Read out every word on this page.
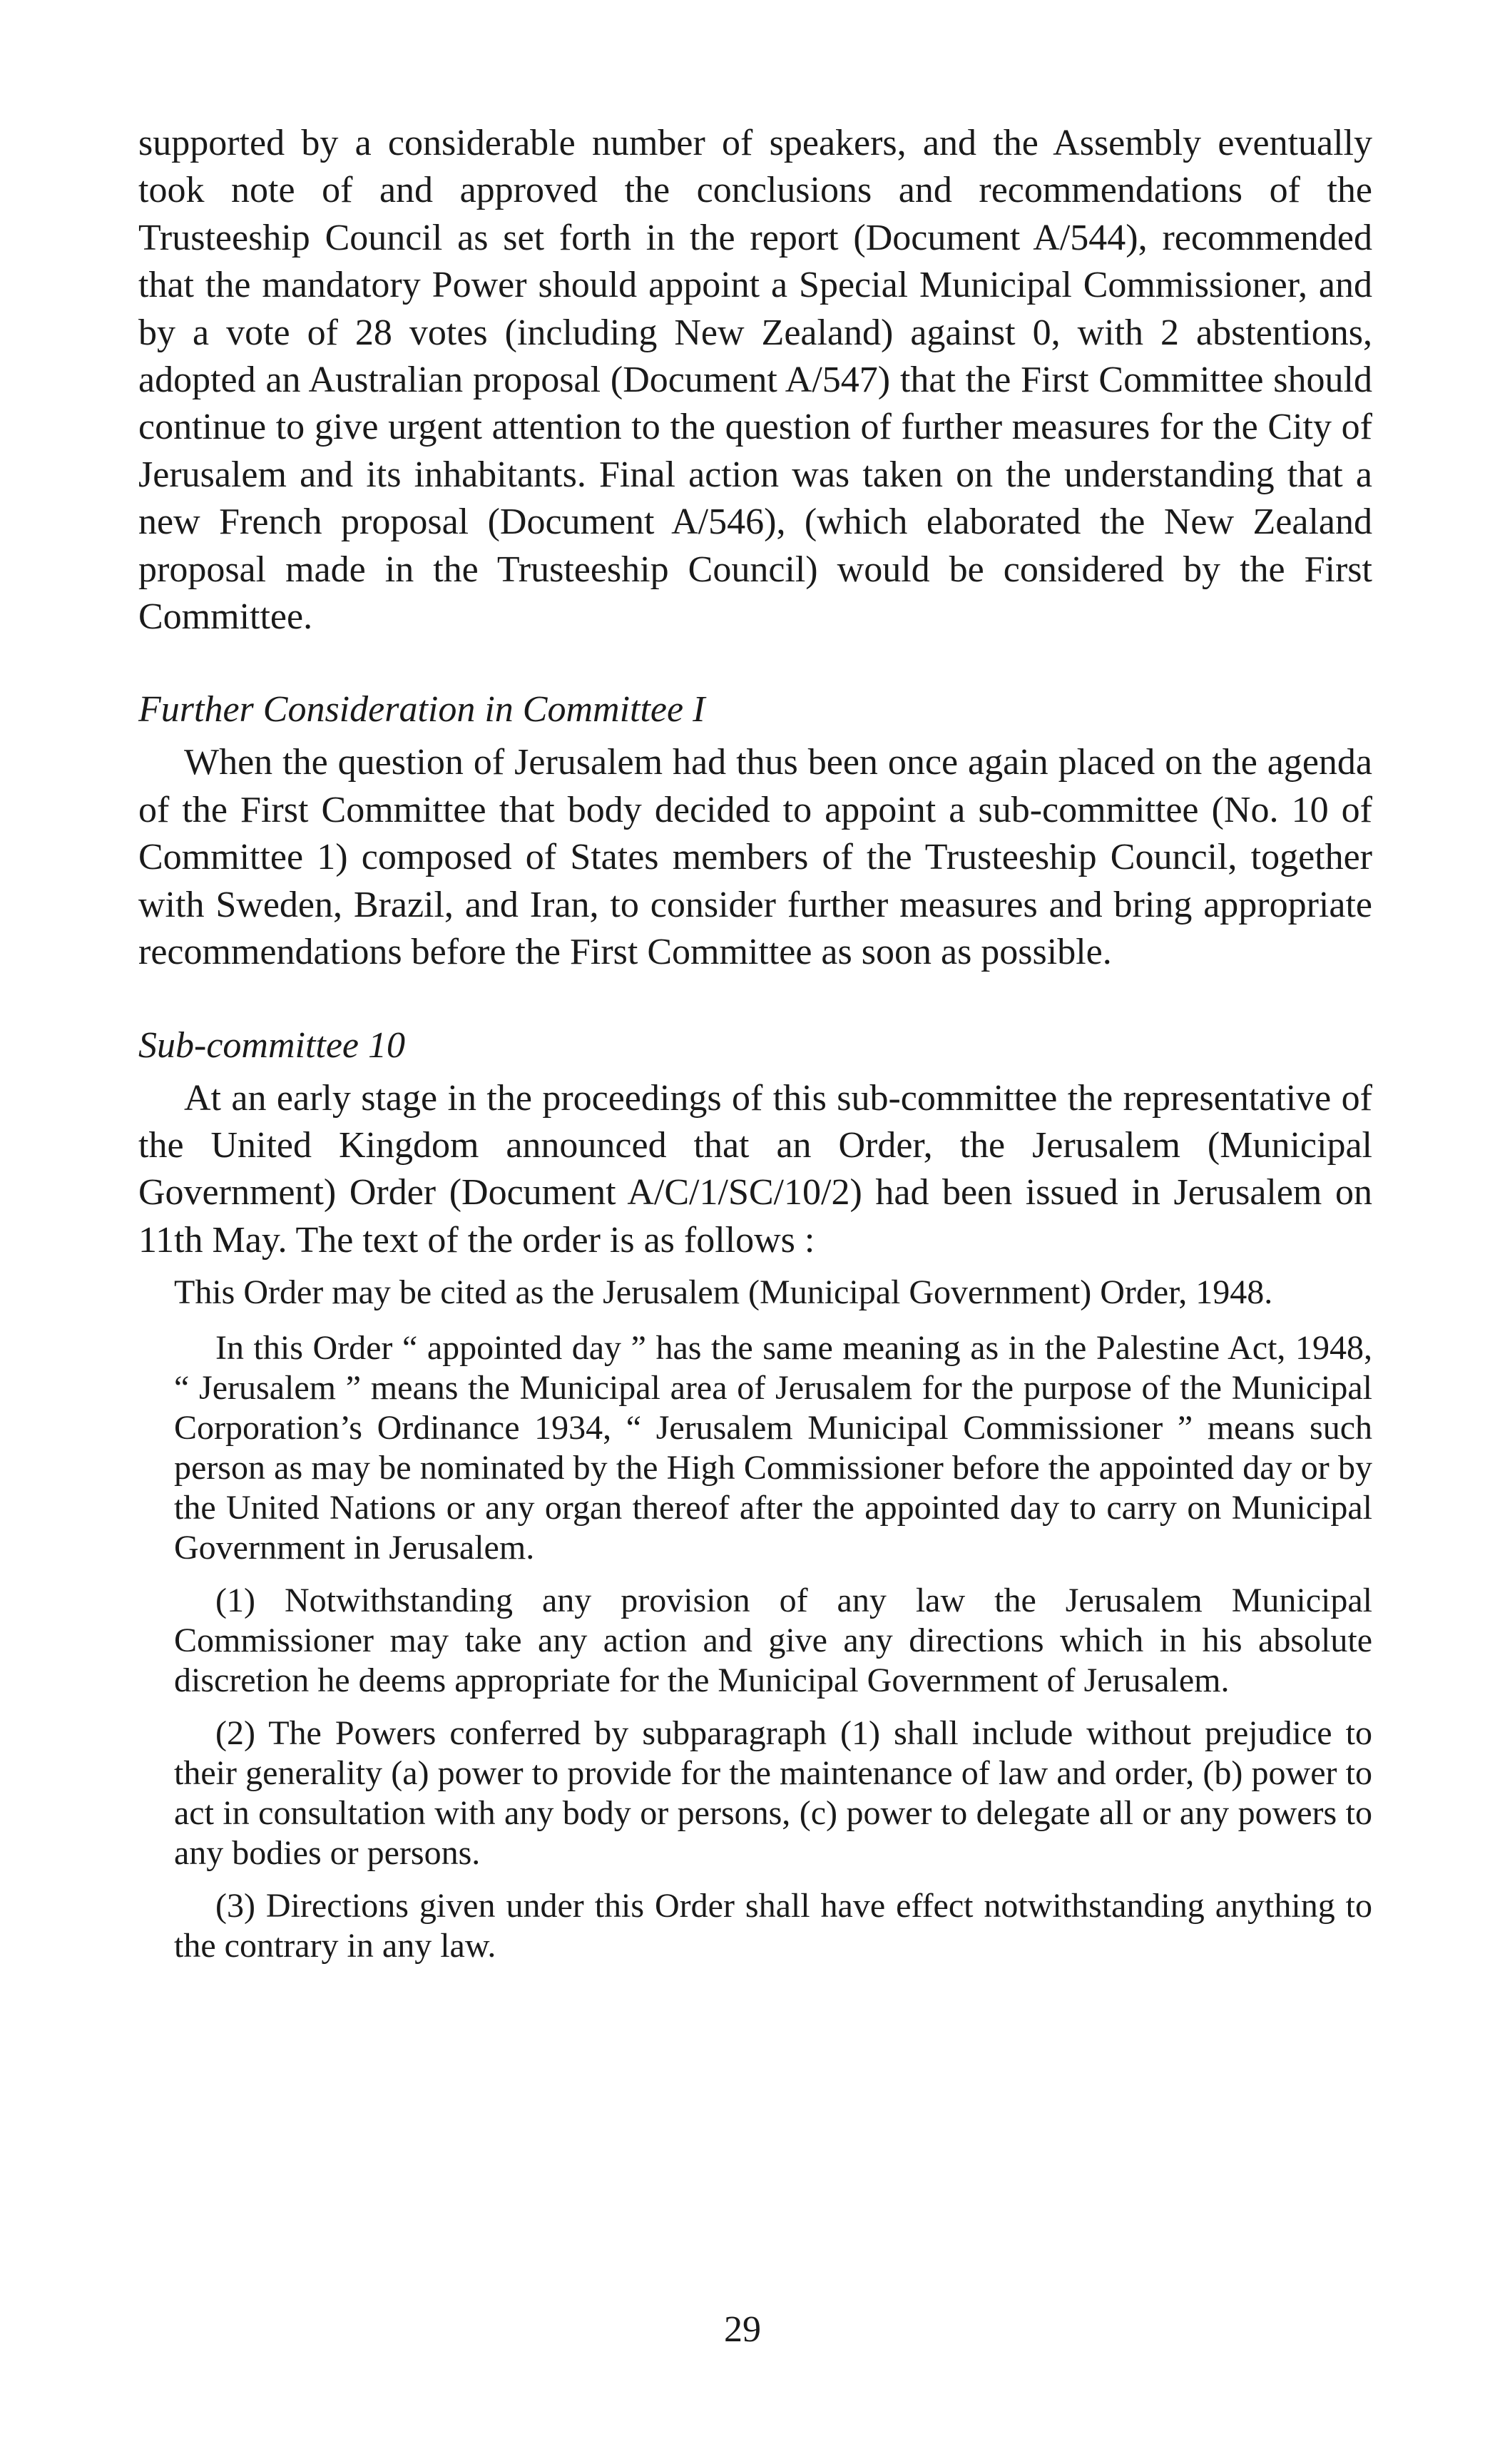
supported by a considerable number of speakers, and the Assembly eventually took note of and approved the conclusions and recommendations of the Trusteeship Council as set forth in the report (Document A/544), recommended that the mandatory Power should appoint a Special Municipal Commissioner, and by a vote of 28 votes (including New Zealand) against 0, with 2 abstentions, adopted an Australian proposal (Document A/547) that the First Committee should continue to give urgent attention to the question of further measures for the City of Jerusalem and its inhabitants. Final action was taken on the understanding that a new French proposal (Document A/546), (which elaborated the New Zealand proposal made in the Trusteeship Council) would be considered by the First Committee.

Further Consideration in Committee I

When the question of Jerusalem had thus been once again placed on the agenda of the First Committee that body decided to appoint a sub-committee (No. 10 of Committee 1) composed of States members of the Trusteeship Council, together with Sweden, Brazil, and Iran, to consider further measures and bring appropriate recommendations before the First Committee as soon as possible.

Sub-committee 10

At an early stage in the proceedings of this sub-committee the representative of the United Kingdom announced that an Order, the Jerusalem (Municipal Government) Order (Document A/C/1/SC/10/2) had been issued in Jerusalem on 11th May. The text of the order is as follows :

This Order may be cited as the Jerusalem (Municipal Government) Order, 1948.

In this Order “ appointed day ” has the same meaning as in the Palestine Act, 1948, “ Jerusalem ” means the Municipal area of Jerusalem for the purpose of the Municipal Corporation’s Ordinance 1934, “ Jerusalem Municipal Commissioner ” means such person as may be nominated by the High Commissioner before the appointed day or by the United Nations or any organ thereof after the appointed day to carry on Municipal Government in Jerusalem.

(1) Notwithstanding any provision of any law the Jerusalem Municipal Commissioner may take any action and give any directions which in his absolute discretion he deems appropriate for the Municipal Government of Jerusalem.

(2) The Powers conferred by subparagraph (1) shall include without prejudice to their generality (a) power to provide for the maintenance of law and order, (b) power to act in consultation with any body or persons, (c) power to delegate all or any powers to any bodies or persons.

(3) Directions given under this Order shall have effect notwithstanding anything to the contrary in any law.

29
